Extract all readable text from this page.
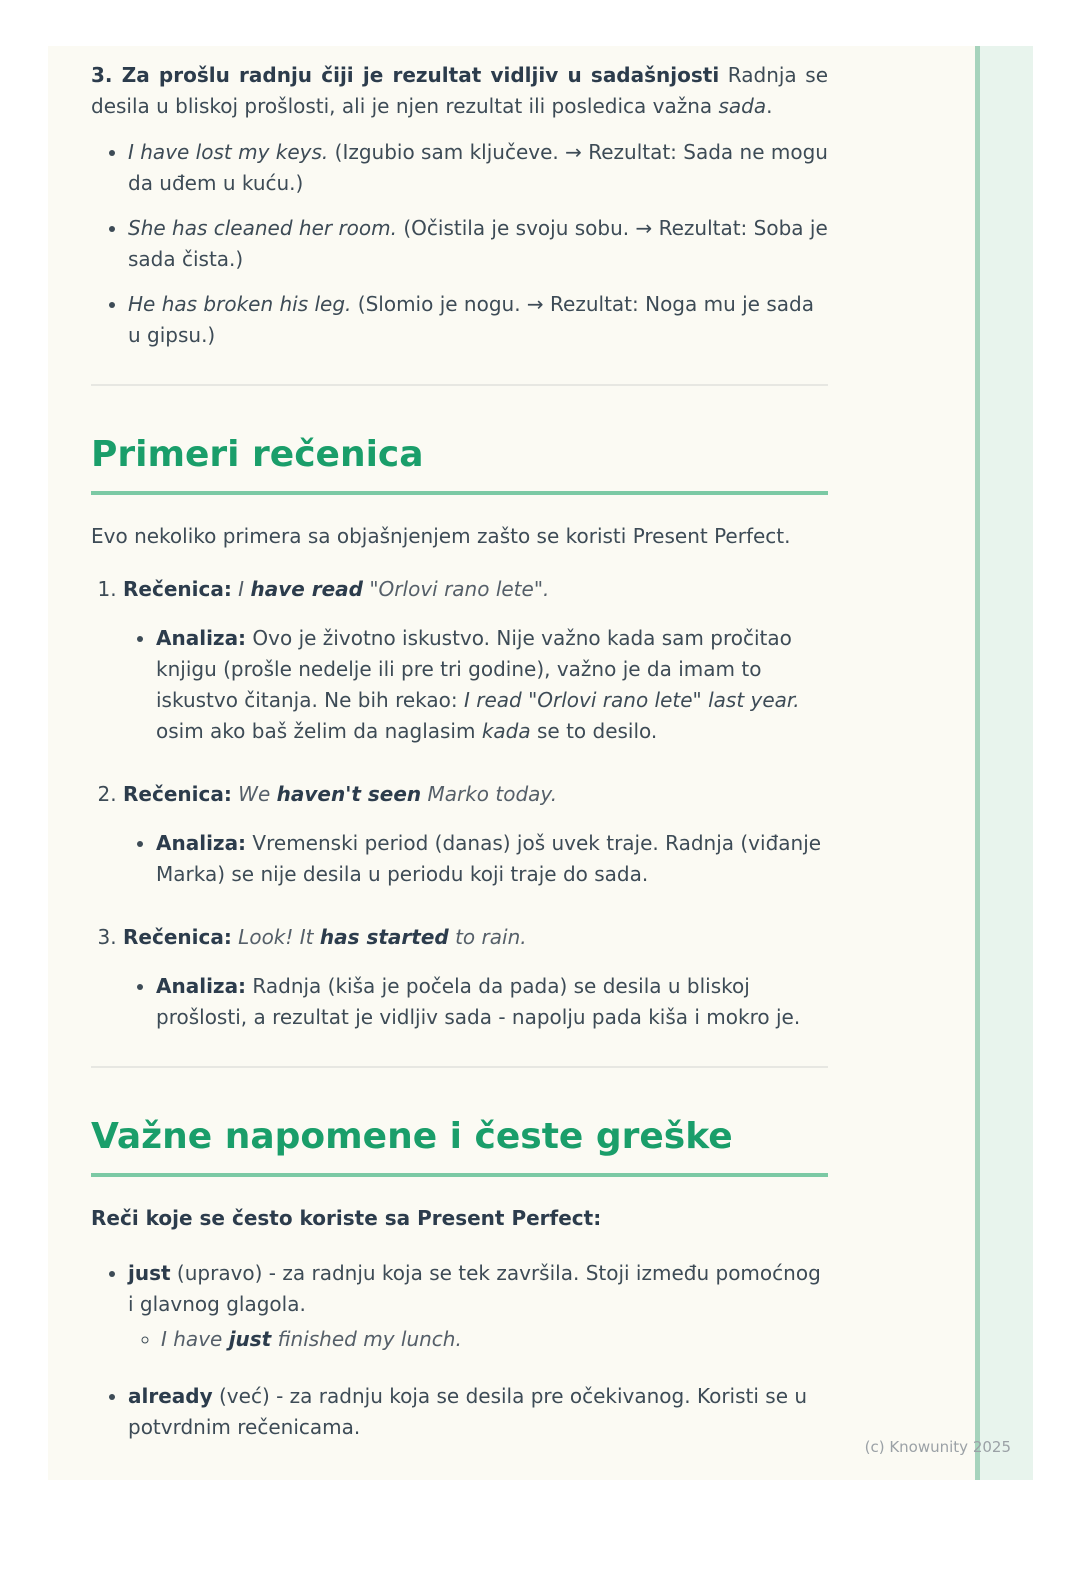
3. Za prošlu radnju čiji je rezultat vidljiv u sadašnjosti Radnja se desila u bliskoj prošlosti, ali je njen rezultat ili posledica važna sada.

• I have lost my keys. (Izgubio sam ključeve. → Rezultat: Sada ne mogu da uđem u kuću.)
• She has cleaned her room. (Očistila je svoju sobu. → Rezultat: Soba je sada čista.)
• He has broken his leg. (Slomio je nogu. → Rezultat: Noga mu je sada u gipsu.)
Primeri rečenica

Evo nekoliko primera sa objašnjenjem zašto se koristi Present Perfect.

1. Rečenica: I have read "Orlovi rano lete".
• Analiza: Ovo je životno iskustvo. Nije važno kada sam pročitao knjigu (prošle nedelje ili pre tri godine), važno je da imam to iskustvo čitanja. Ne bih rekao: I read "Orlovi rano lete" last year. osim ako baš želim da naglasim kada se to desilo.
2. Rečenica: We haven't seen Marko today.
• Analiza: Vremenski period (danas) još uvek traje. Radnja (viđanje Marka) se nije desila u periodu koji traje do sada.
3. Rečenica: Look! It has started to rain.
• Analiza: Radnja (kiša je počela da pada) se desila u bliskoj prošlosti, a rezultat je vidljiv sada - napolju pada kiša i mokro je.
Važne napomene i česte greške

Reči koje se često koriste sa Present Perfect:

• just (upravo) - za radnju koja se tek završila. Stoji između pomoćnog i glavnog glagola.
◦ I have just finished my lunch.
• already (već) - za radnju koja se desila pre očekivanog. Koristi se u potvrdnim rečenicama.
(c) Knowunity 2025
